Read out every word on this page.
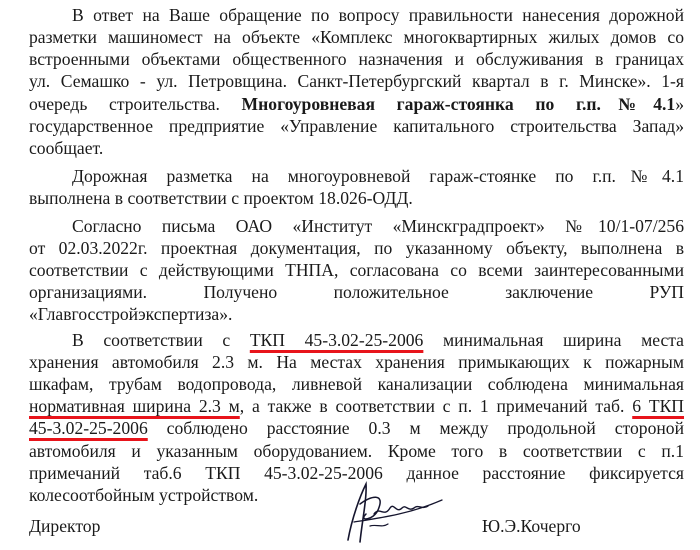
В ответ на Ваше обращение по вопросу правильности нанесения дорожной
разметки машиномест на объекте «Комплекс многоквартирных жилых домов со
встроенными объектами общественного назначения и обслуживания в границах
ул. Семашко - ул. Петровщина. Санкт-Петербургский квартал в г. Минске». 1-я
очередь строительства. Многоуровневая гараж-стоянка по г.п.№4.1»
государственное предприятие «Управление капитального строительства Запад»
сообщает.
Дорожная разметка на многоуровневой гараж-стоянке по г.п.№4.1
выполнена в соответствии с проектом 18.026-ОДД.
Согласно письма ОАО «Институт «Минскградпроект» №10/1-07/256
от 02.03.2022г. проектная документация, по указанному объекту, выполнена в
соответствии с действующими ТНПА, согласована со всеми заинтересованными
организациями. Получено положительное заключение РУП
«Главгосстройэкспертиза».
В соответствии с ТКП 45-3.02-25-2006 минимальная ширина места
хранения автомобиля 2.3 м. На местах хранения примыкающих к пожарным
шкафам, трубам водопровода, ливневой канализации соблюдена минимальная
нормативная ширина 2.3 м, а также в соответствии с п. 1 примечаний таб. 6 ТКП
45-3.02-25-2006 соблюдено расстояние 0.3 м между продольной стороной
автомобиля и указанным оборудованием. Кроме того в соответствии с п.1
примечаний таб.6 ТКП 45-3.02-25-2006 данное расстояние фиксируется
колесоотбойным устройством.
Директор	Ю.Э.Кочерго
